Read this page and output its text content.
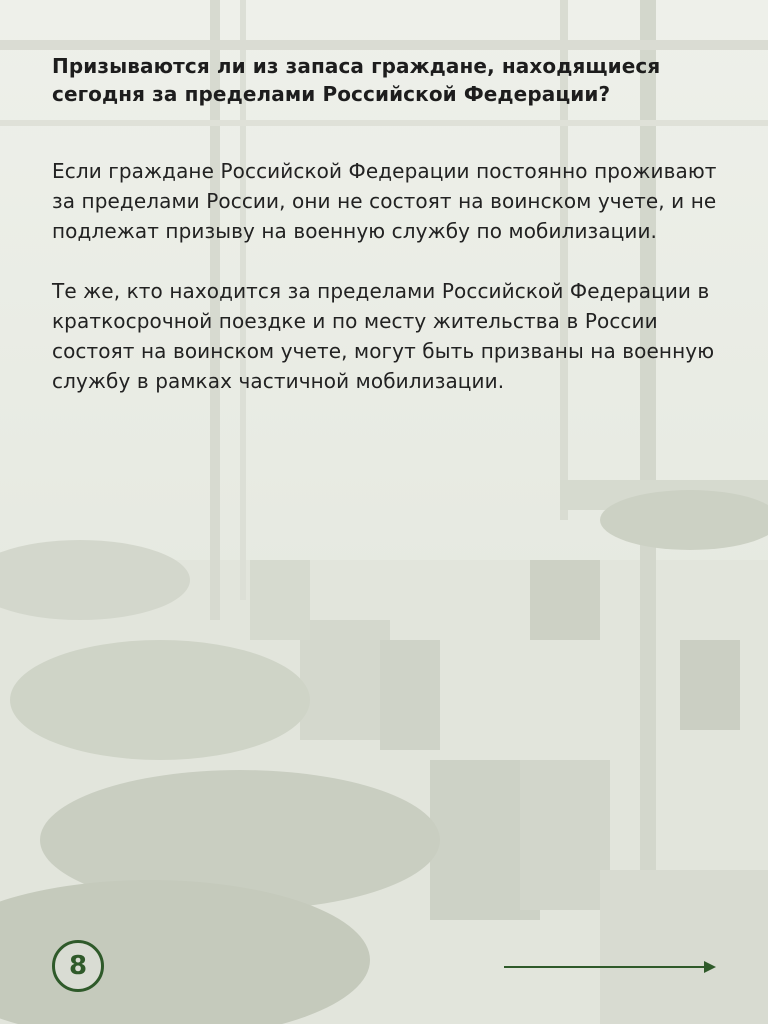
Призываются ли из запаса граждане, находящиеся сегодня за пределами Российской Федерации?

Если граждане Российской Федерации постоянно проживают за пределами России, они не состоят на воинском учете, и не подлежат призыву на военную службу по мобилизации.

Те же, кто находится за пределами Российской Федерации в краткосрочной поездке и по месту жительства в России состоят на воинском учете, могут быть призваны на военную службу в рамках частичной мобилизации.

8
